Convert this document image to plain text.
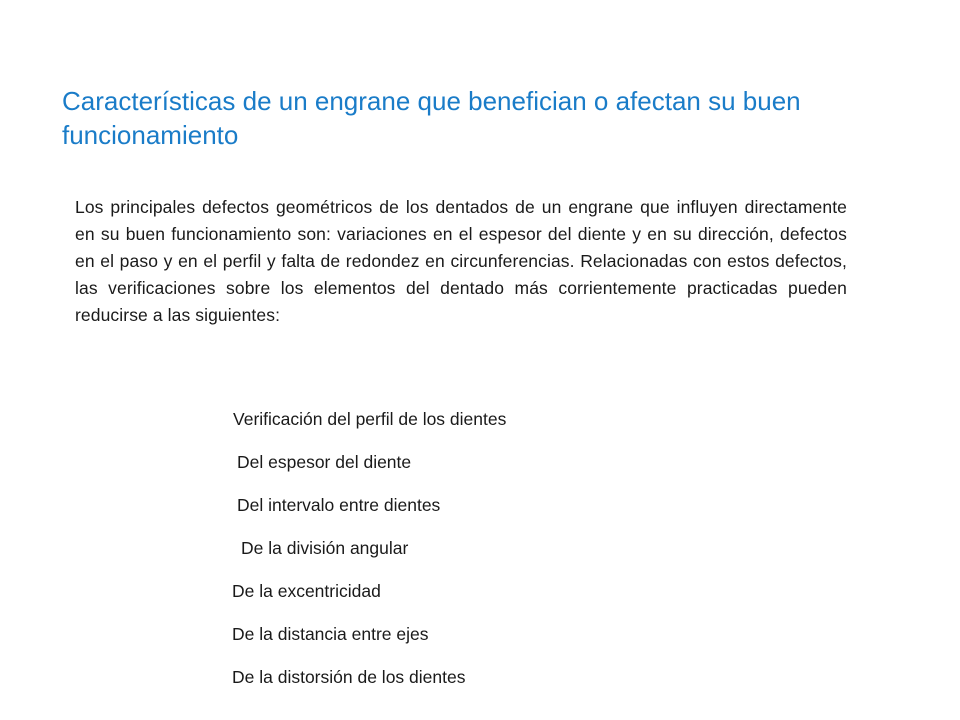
Características de un engrane que benefician o afectan su buen funcionamiento

Los principales defectos geométricos de los dentados de un engrane que influyen directamente en su buen funcionamiento son: variaciones en el espesor del diente y en su dirección, defectos en el paso y en el perfil y falta de redondez en circunferencias. Relacionadas con estos defectos, las verificaciones sobre los elementos del dentado más corrientemente practicadas pueden reducirse a las siguientes:

Verificación del perfil de los dientes

Del espesor del diente

Del intervalo entre dientes

De la división angular

De la excentricidad

De la distancia entre ejes

De la distorsión de los dientes
